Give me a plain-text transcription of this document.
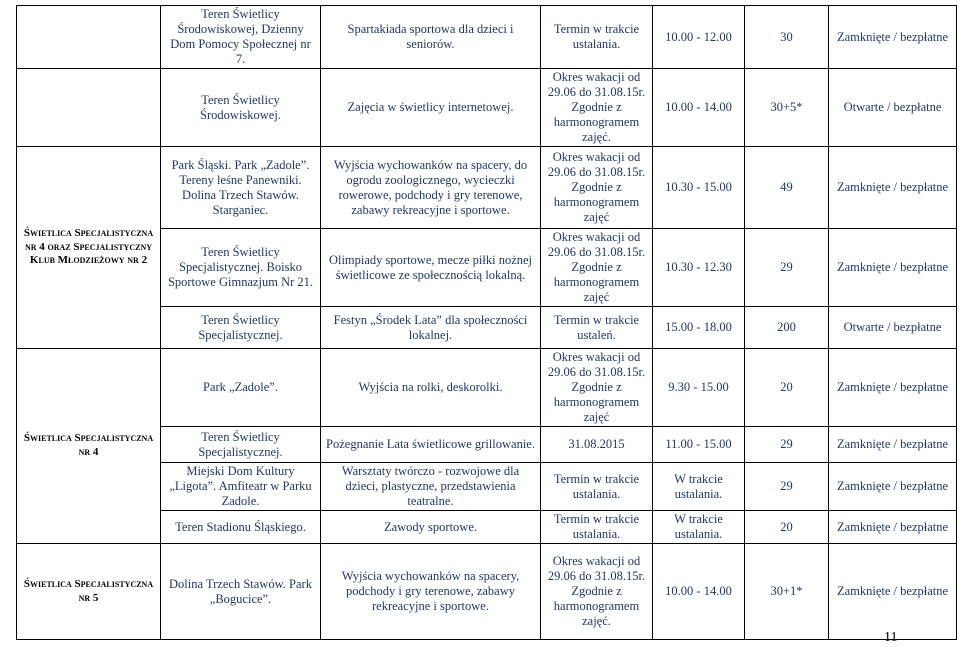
	Teren Świetlicy Środowiskowej, Dzienny Dom Pomocy Społecznej nr 7.	Spartakiada sportowa dla dzieci i seniorów.	Termin w trakcie ustalania.	10.00 - 12.00	30	Zamknięte / bezpłatne
	Teren Świetlicy Środowiskowej.	Zajęcia w świetlicy internetowej.	Okres wakacji od 29.06 do 31.08.15r. Zgodnie z harmonogramem zajęć.	10.00 - 14.00	30+5*	Otwarte / bezpłatne
Świetlica Specjalistyczna nr 4 oraz Specjalistyczny Klub Młodzieżowy nr 2	Park Śląski. Park „Zadole”. Tereny leśne Panewniki. Dolina Trzech Stawów. Starganiec.	Wyjścia wychowanków na spacery, do ogrodu zoologicznego, wycieczki rowerowe, podchody i gry terenowe, zabawy rekreacyjne i sportowe.	Okres wakacji od 29.06 do 31.08.15r. Zgodnie z harmonogramem zajęć	10.30 - 15.00	49	Zamknięte / bezpłatne
	Teren Świetlicy Specjalistycznej. Boisko Sportowe Gimnazjum Nr 21.	Olimpiady sportowe, mecze piłki nożnej świetlicowe ze społecznością lokalną.	Okres wakacji od 29.06 do 31.08.15r. Zgodnie z harmonogramem zajęć	10.30 - 12.30	29	Zamknięte / bezpłatne
	Teren Świetlicy Specjalistycznej.	Festyn „Środek Lata” dla społeczności lokalnej.	Termin w trakcie ustaleń.	15.00 - 18.00	200	Otwarte / bezpłatne
Świetlica Specjalistyczna nr 4	Park „Zadole”.	Wyjścia na rolki, deskorolki.	Okres wakacji od 29.06 do 31.08.15r. Zgodnie z harmonogramem zajęć	9.30 - 15.00	20	Zamknięte / bezpłatne
	Teren Świetlicy Specjalistycznej.	Pożegnanie Lata świetlicowe grillowanie.	31.08.2015	11.00 - 15.00	29	Zamknięte / bezpłatne
	Miejski Dom Kultury „Ligota”. Amfiteatr w Parku Zadole.	Warsztaty twórczo - rozwojowe dla dzieci, plastyczne, przedstawienia teatralne.	Termin w trakcie ustalania.	W trakcie ustalania.	29	Zamknięte / bezpłatne
	Teren Stadionu Śląskiego.	Zawody sportowe.	Termin w trakcie ustalania.	W trakcie ustalania.	20	Zamknięte / bezpłatne
Świetlica Specjalistyczna nr 5	Dolina Trzech Stawów. Park „Bogucice”.	Wyjścia wychowanków na spacery, podchody i gry terenowe, zabawy rekreacyjne i sportowe.	Okres wakacji od 29.06 do 31.08.15r. Zgodnie z harmonogramem zajęć.	10.00 - 14.00	30+1*	Zamknięte / bezpłatne
11
